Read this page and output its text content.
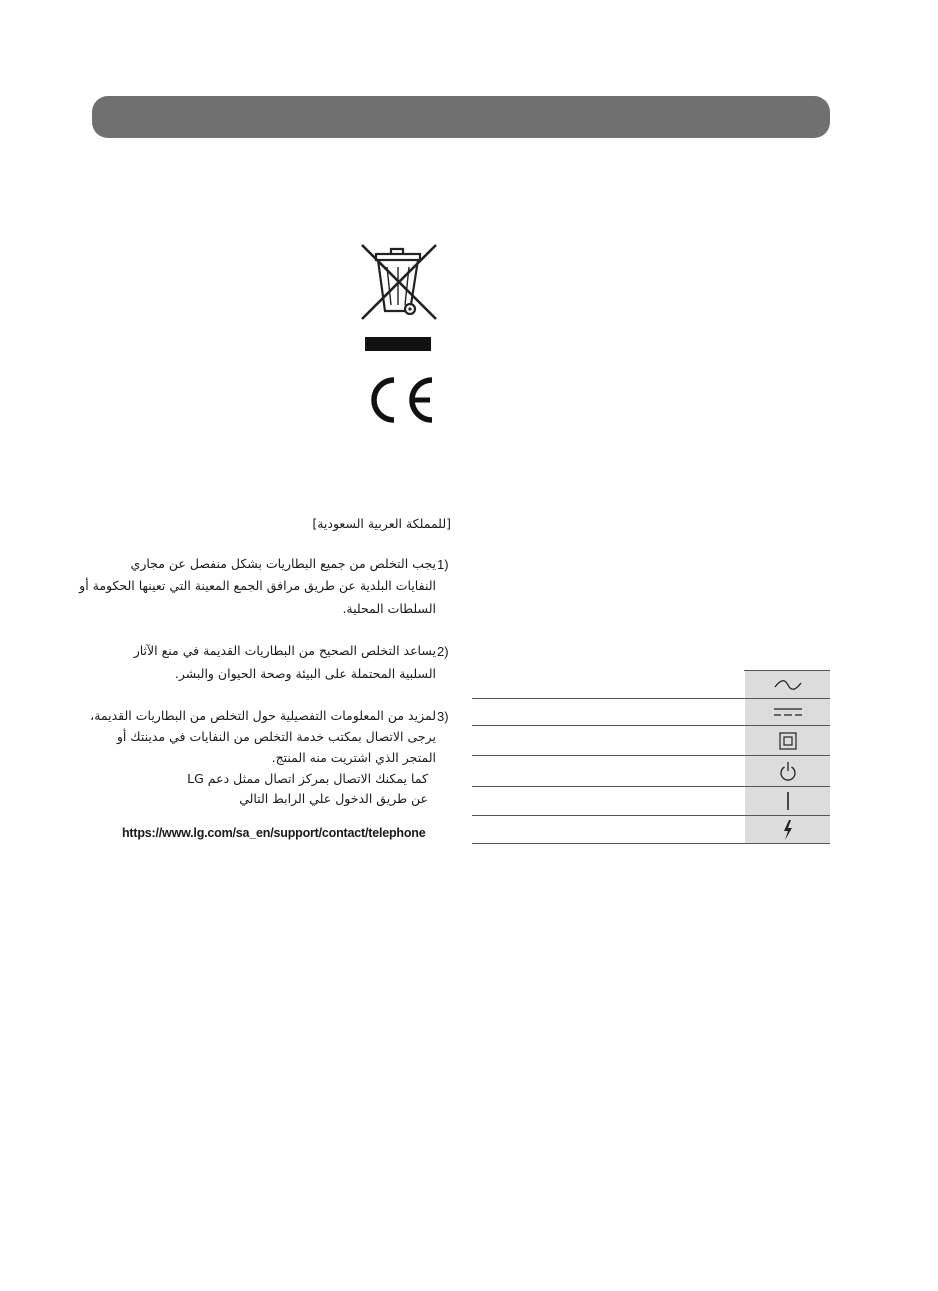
[للمملكة العربية السعودية]
1)
يجب التخلص من جميع البطاريات بشكل منفصل عن مجاري
النفايات البلدية عن طريق مرافق الجمع المعينة التي تعينها الحكومة أو
السلطات المحلية.
2)
يساعد التخلص الصحيح من البطاريات القديمة في منع الآثار
السلبية المحتملة على البيئة وصحة الحيوان والبشر.
3)
لمزيد من المعلومات التفصيلية حول التخلص من البطاريات القديمة،
يرجى الاتصال بمكتب خدمة التخلص من النفايات في مدينتك أو
المتجر الذي اشتريت منه المنتج.
كما يمكنك الاتصال بمركز اتصال ممثل دعم LG
عن طريق الدخول علي الرابط التالي
https://www.lg.com/sa_en/support/contact/telephone
